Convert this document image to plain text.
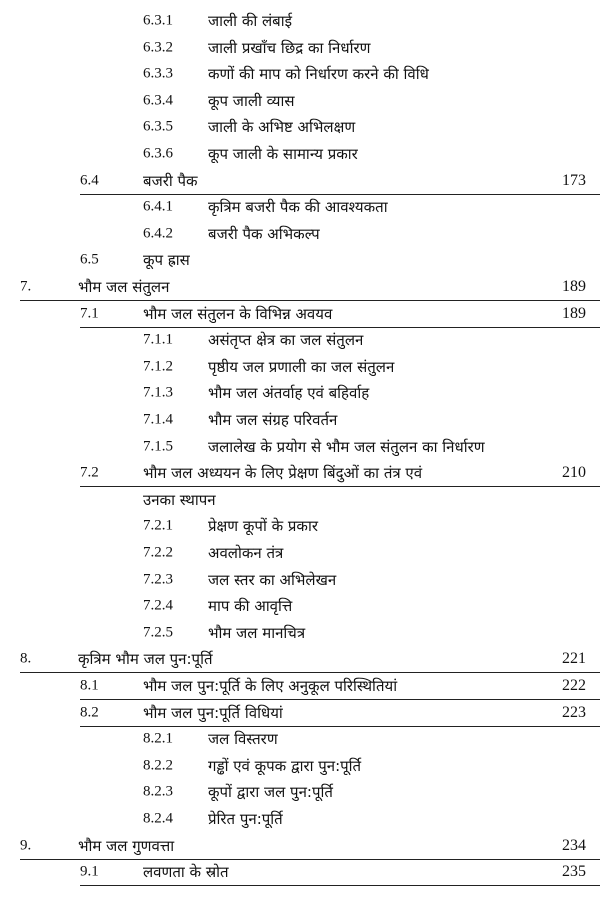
6.3.1 जाली की लंबाई
6.3.2 जाली प्रखाँच छिद्र का निर्धारण
6.3.3 कणों की माप को निर्धारण करने की विधि
6.3.4 कूप जाली व्यास
6.3.5 जाली के अभिष्ट अभिलक्षण
6.3.6 कूप जाली के सामान्य प्रकार
6.4	बजरी पैक	173
6.4.1 कृत्रिम बजरी पैक की आवश्यकता
6.4.2 बजरी पैक अभिकल्प
6.5	कूप ह्रास
7.	भौम जल संतुलन	189
7.1	भौम जल संतुलन के विभिन्न अवयव	189
7.1.1 असंतृप्त क्षेत्र का जल संतुलन
7.1.2 पृष्ठीय जल प्रणाली का जल संतुलन
7.1.3 भौम जल अंतर्वाह एवं बहिर्वाह
7.1.4 भौम जल संग्रह परिवर्तन
7.1.5 जलालेख के प्रयोग से भौम जल संतुलन का निर्धारण
7.2	भौम जल अध्ययन के लिए प्रेक्षण बिंदुओं का तंत्र एवं	210
उनका स्थापन
7.2.1 प्रेक्षण कूपों के प्रकार
7.2.2 अवलोकन तंत्र
7.2.3 जल स्तर का अभिलेखन
7.2.4 माप की आवृत्ति
7.2.5 भौम जल मानचित्र
8.	कृत्रिम भौम जल पुन:पूर्ति	221
8.1	भौम जल पुन:पूर्ति के लिए अनुकूल परिस्थितियां	222
8.2	भौम जल पुन:पूर्ति विधियां	223
8.2.1 जल विस्तरण
8.2.2 गड्ढों एवं कूपक द्वारा पुन:पूर्ति
8.2.3 कूपों द्वारा जल पुन:पूर्ति
8.2.4 प्रेरित पुन:पूर्ति
9.	भौम जल गुणवत्ता	234
9.1	लवणता के स्रोत	235
